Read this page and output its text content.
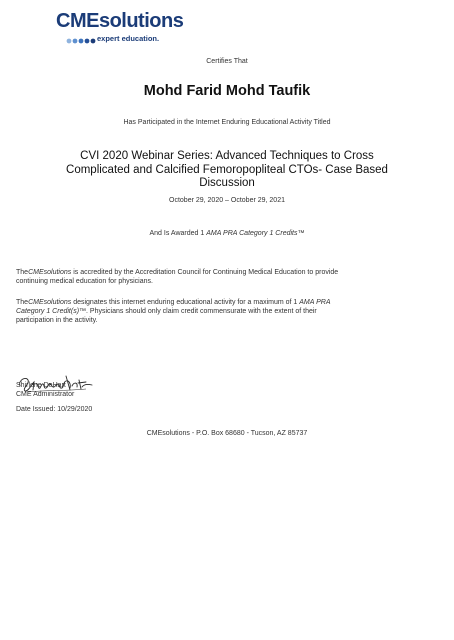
CMEsolutions
expert education.
Certifies That
Mohd Farid Mohd Taufik
Has Participated in the Internet Enduring Educational Activity Titled
CVI 2020 Webinar Series: Advanced Techniques to Cross
Complicated and Calcified Femoropopliteal CTOs- Case Based
Discussion
October 29, 2020 – October 29, 2021
And Is Awarded 1 AMA PRA Category 1 Credits™
TheCMEsolutions is accredited by the Accreditation Council for Continuing Medical Education to provide
continuing medical education for physicians.
TheCMEsolutions designates this internet enduring educational activity for a maximum of 1 AMA PRA
Category 1 Credit(s)™. Physicians should only claim credit commensurate with the extent of their
participation in the activity.
Shirlene DeHart
CME Administrator
Date Issued: 10/29/2020
CMEsolutions - P.O. Box 68680 - Tucson, AZ 85737
